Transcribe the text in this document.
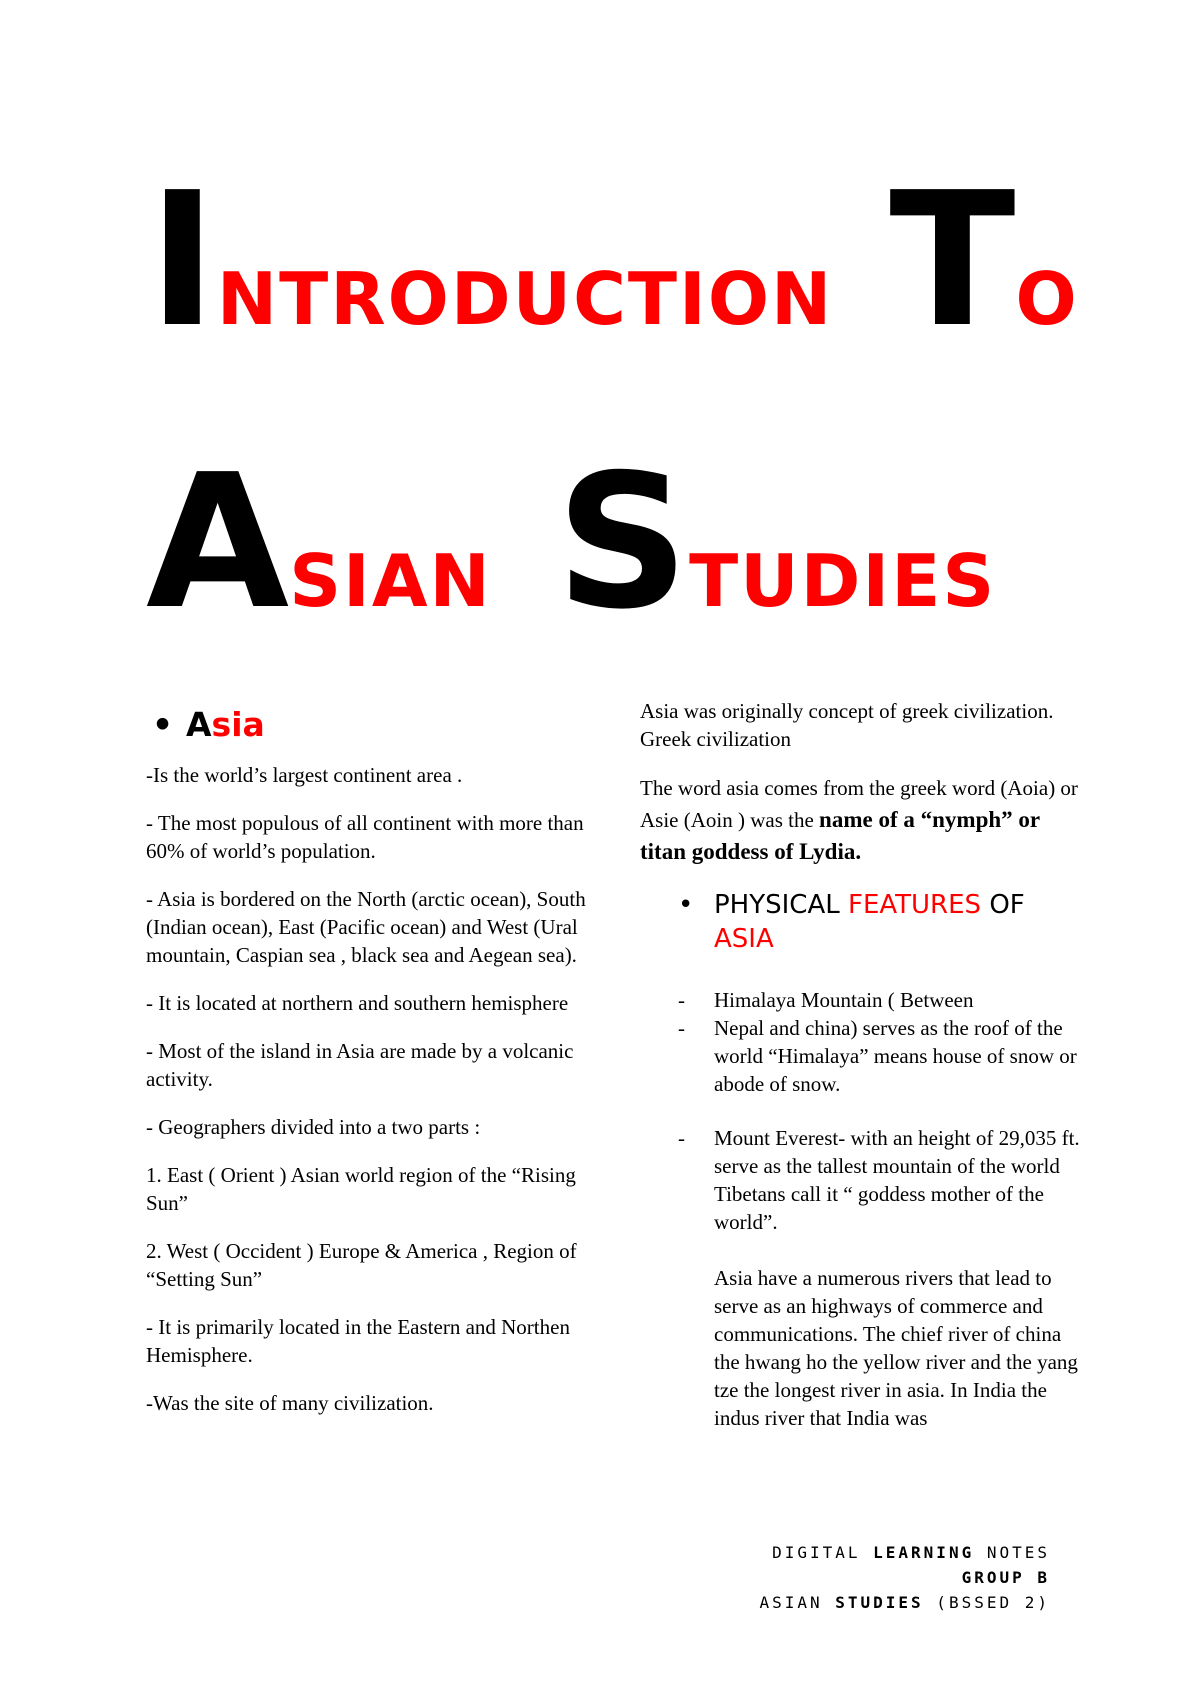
INTRODUCTION TO
ASIAN STUDIES
• Asia

-Is the world’s largest continent area .

- The most populous of all continent with more than 60% of world’s population.

- Asia is bordered on the North (arctic ocean), South (Indian ocean), East (Pacific ocean) and West (Ural mountain, Caspian sea , black sea and Aegean sea).

- It is located at northern and southern hemisphere

- Most of the island in Asia are made by a volcanic activity.

- Geographers divided into a two parts :

1. East ( Orient ) Asian world region of the “Rising Sun”

2. West ( Occident ) Europe & America , Region of “Setting Sun”

- It is primarily located in the Eastern and Northen Hemisphere.

-Was the site of many civilization.

Asia was originally concept of greek civilization. Greek civilization

The word asia comes from the greek word (Aoia) or Asie (Aoin ) was the name of a “nymph” or titan goddess of Lydia.

• PHYSICAL FEATURES OF
ASIA
- Himalaya Mountain ( Between
- Nepal and china) serves as the roof of the world “Himalaya” means house of snow or abode of snow.
- Mount Everest- with an height of 29,035 ft. serve as the tallest mountain of the world Tibetans call it “ goddess mother of the world”.

Asia have a numerous rivers that lead to serve as an highways of commerce and communications. The chief river of china the hwang ho the yellow river and the yang tze the longest river in asia. In India the indus river that India was

DIGITAL LEARNING NOTES
GROUP B
ASIAN STUDIES (BSSED 2)
